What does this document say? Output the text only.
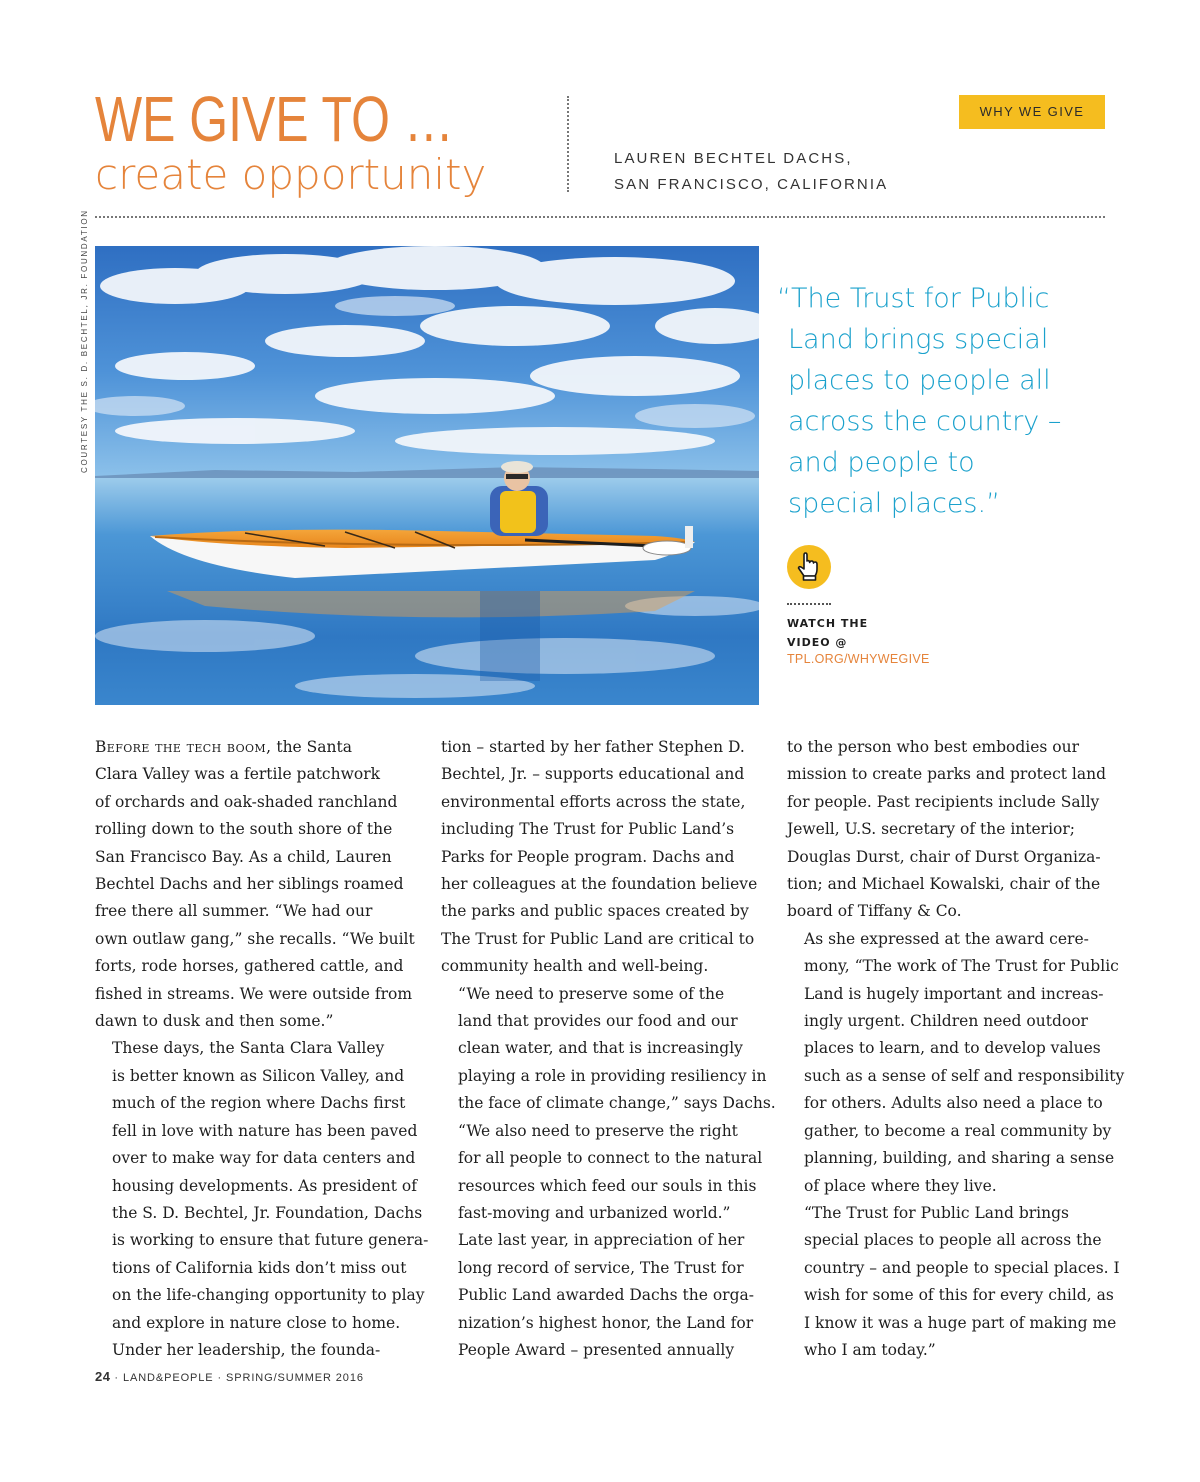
WE GIVE TO …
create opportunity	LAUREN BECHTEL DACHS,
SAN FRANCISCO, CALIFORNIA
WHY WE GIVE
COURTESY THE S. D. BECHTEL, JR. FOUNDATION	“The Trust for Public
Land brings special
places to people all
across the country –
and people to
special places.”

WATCH THE
VIDEO @
TPL.ORG/WHYWEGIVE

Before the tech boom, the Santa
Clara Valley was a fertile patchwork
of orchards and oak-shaded ranchland
rolling down to the south shore of the
San Francisco Bay. As a child, Lauren
Bechtel Dachs and her siblings roamed
free there all summer. “We had our
own outlaw gang,” she recalls. “We built
forts, rode horses, gathered cattle, and
fished in streams. We were outside from
dawn to dusk and then some.”

These days, the Santa Clara Valley
is better known as Silicon Valley, and
much of the region where Dachs first
fell in love with nature has been paved
over to make way for data centers and
housing developments. As president of
the S. D. Bechtel, Jr. Foundation, Dachs
is working to ensure that future genera-
tions of California kids don’t miss out
on the life-changing opportunity to play
and explore in nature close to home.

Under her leadership, the founda-

tion – started by her father Stephen D.
Bechtel, Jr. – supports educational and
environmental efforts across the state,
including The Trust for Public Land’s
Parks for People program. Dachs and
her colleagues at the foundation believe
the parks and public spaces created by
The Trust for Public Land are critical to
community health and well-being.

“We need to preserve some of the
land that provides our food and our
clean water, and that is increasingly
playing a role in providing resiliency in
the face of climate change,” says Dachs.
“We also need to preserve the right
for all people to connect to the natural
resources which feed our souls in this
fast-moving and urbanized world.”

Late last year, in appreciation of her
long record of service, The Trust for
Public Land awarded Dachs the orga-
nization’s highest honor, the Land for
People Award – presented annually

to the person who best embodies our
mission to create parks and protect land
for people. Past recipients include Sally
Jewell, U.S. secretary of the interior;
Douglas Durst, chair of Durst Organiza-
tion; and Michael Kowalski, chair of the
board of Tiffany & Co.

As she expressed at the award cere-
mony, “The work of The Trust for Public
Land is hugely important and increas-
ingly urgent. Children need outdoor
places to learn, and to develop values
such as a sense of self and responsibility
for others. Adults also need a place to
gather, to become a real community by
planning, building, and sharing a sense
of place where they live.

“The Trust for Public Land brings
special places to people all across the
country – and people to special places. I
wish for some of this for every child, as
I know it was a huge part of making me
who I am today.”

24 · LAND&PEOPLE · SPRING/SUMMER 2016
